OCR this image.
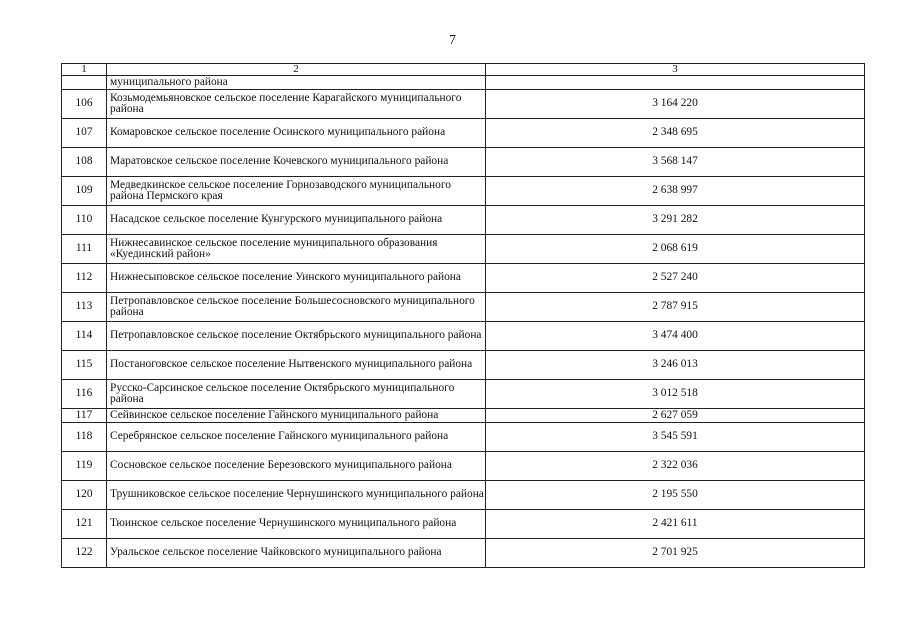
7
1	2	3
	муниципального района	
106	Козьмодемьяновское сельское поселение Карагайского муниципального района	3 164 220
107	Комаровское сельское поселение Осинского муниципального района	2 348 695
108	Маратовское сельское поселение Кочевского муниципального района	3 568 147
109	Медведкинское сельское поселение Горнозаводского муниципального района Пермского края	2 638 997
110	Насадское сельское поселение Кунгурского муниципального района	3 291 282
111	Нижнесавинское сельское поселение муниципального образования «Куединский район»	2 068 619
112	Нижнесыповское сельское поселение Уинского муниципального района	2 527 240
113	Петропавловское сельское поселение Большесосновского муниципального района	2 787 915
114	Петропавловское сельское поселение Октябрьского муниципального района	3 474 400
115	Постаноговское сельское поселение Нытвенского муниципального района	3 246 013
116	Русско-Сарсинское сельское поселение Октябрьского муниципального района	3 012 518
117	Сейвинское сельское поселение Гайнского муниципального района	2 627 059
118	Серебрянское сельское поселение Гайнского муниципального района	3 545 591
119	Сосновское сельское поселение Березовского муниципального района	2 322 036
120	Трушниковское сельское поселение Чернушинского муниципального района	2 195 550
121	Тюинское сельское поселение Чернушинского муниципального района	2 421 611
122	Уральское сельское поселение Чайковского муниципального района	2 701 925
